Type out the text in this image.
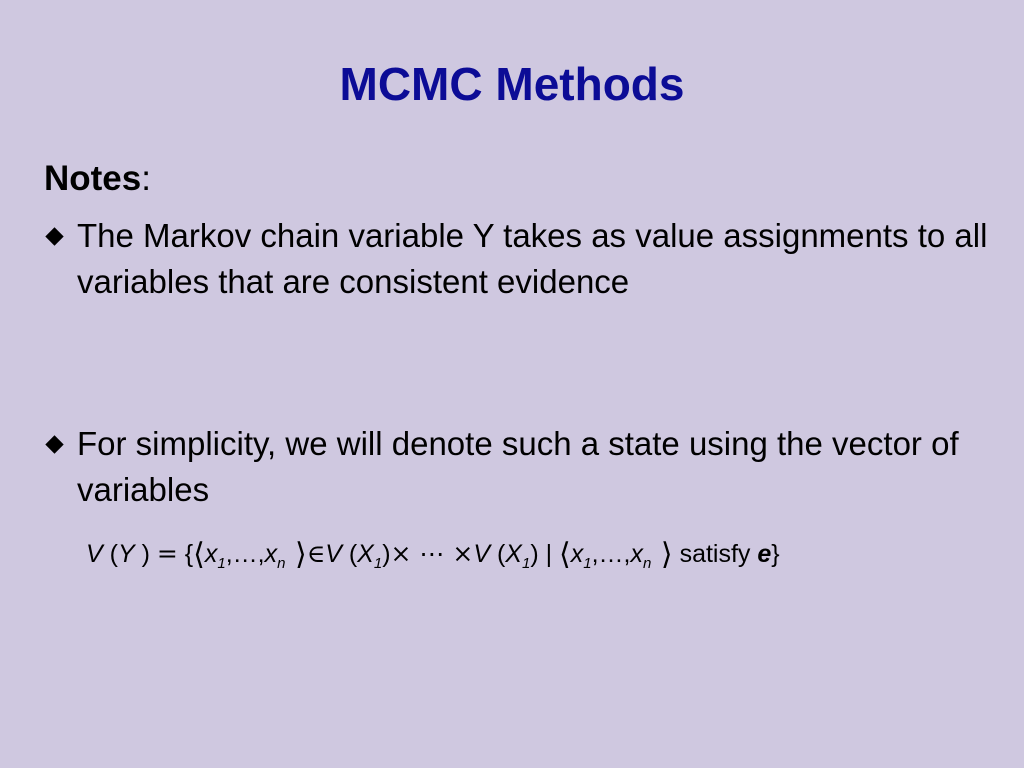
MCMC Methods

Notes:

The Markov chain variable Y takes as value assignments to all variables that are consistent evidence
For simplicity, we will denote such a state using the vector of variables
V (Y ) = {$⟨x_1,\dots,x_n$ ⟩∈V $(X_1)\times$ ⋯ ×V $(X_1)$ | $⟨x_1,\dots,x_n$ ⟩ satisfy e}
